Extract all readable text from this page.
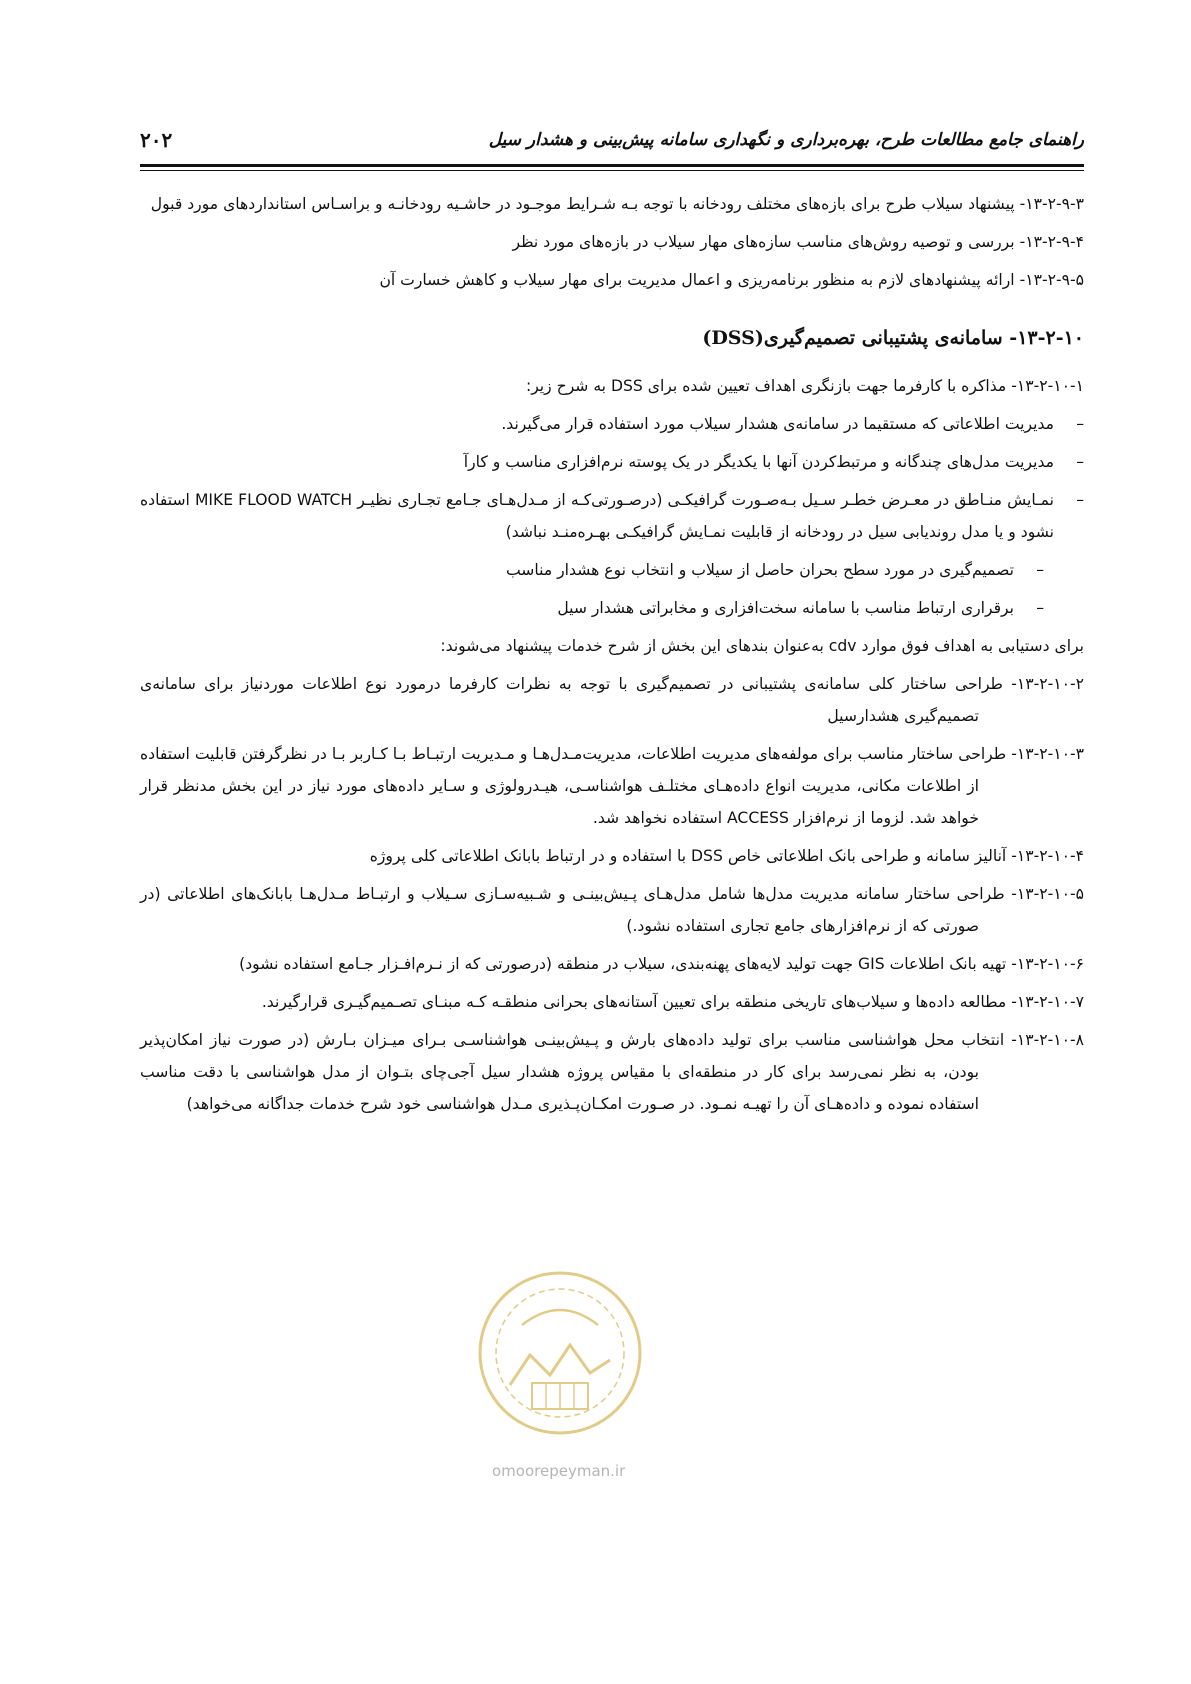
راهنمای جامع مطالعات طرح، بهره‌برداری و نگهداری سامانه پیش‌بینی و هشدار سیل
۲۰۲

۱۳-۲-۹-۳- پیشنهاد سیلاب طرح برای بازه‌های مختلف رودخانه با توجه بـه شـرایط موجـود در حاشـیه رودخانـه و براسـاس استانداردهای مورد قبول

۱۳-۲-۹-۴- بررسی و توصیه روش‌های مناسب سازه‌های مهار سیلاب در بازه‌های مورد نظر

۱۳-۲-۹-۵- ارائه پیشنهادهای لازم به منظور برنامه‌ریزی و اعمال مدیریت برای مهار سیلاب و کاهش خسارت آن

۱۳-۲-۱۰- سامانه‌ی پشتیبانی تصمیم‌گیری(DSS)

۱۳-۲-۱۰-۱- مذاکره با کارفرما جهت بازنگری اهداف تعیین شده برای DSS به شرح زیر:

–
مدیریت اطلاعاتی که مستقیما در سامانه‌ی هشدار سیلاب مورد استفاده قرار می‌گیرند.
–
مدیریت مدل‌های چندگانه و مرتبط‌کردن آنها با یکدیگر در یک پوسته نرم‌افزاری مناسب و کارآ
–
نمـایش منـاطق در معـرض خطـر سـیل بـه‌صـورت گرافیکـی (درصـورتی‌کـه از مـدل‌هـای جـامع تجـاری نظیـر MIKE FLOOD WATCH استفاده نشود و یا مدل روندیابی سیل در رودخانه از قابلیت نمـایش گرافیکـی بهـره‌منـد نباشد)
–
تصمیم‌گیری در مورد سطح بحران حاصل از سیلاب و انتخاب نوع هشدار مناسب
–
برقراری ارتباط مناسب با سامانه سخت‌افزاری و مخابراتی هشدار سیل

برای دستیابی به اهداف فوق موارد cdv به‌عنوان بندهای این بخش از شرح خدمات پیشنهاد می‌شوند:

۱۳-۲-۱۰-۲- طراحی ساختار کلی سامانه‌ی پشتیبانی در تصمیم‌گیری با توجه به نظرات کارفرما درمورد نوع اطلاعات موردنیاز برای سامانه‌ی تصمیم‌گیری هشدارسیل

۱۳-۲-۱۰-۳- طراحی ساختار مناسب برای مولفه‌های مدیریت اطلاعات، مدیریت‌مـدل‌هـا و مـدیریت ارتبـاط بـا کـاربر بـا در نظرگرفتن قابلیت استفاده از اطلاعات مکانی، مدیریت انواع داده‌هـای مختلـف هواشناسـی، هیـدرولوژی و سـایر داده‌های مورد نیاز در این بخش مدنظر قرار خواهد شد. لزوما از نرم‌افزار ACCESS استفاده نخواهد شد.

۱۳-۲-۱۰-۴- آنالیز سامانه و طراحی بانک اطلاعاتی خاص DSS با استفاده و در ارتباط بابانک اطلاعاتی کلی پروژه

۱۳-۲-۱۰-۵- طراحی ساختار سامانه مدیریت مدل‌ها شامل مدل‌هـای پـیش‌بینـی و شـبیه‌سـازی سـیلاب و ارتبـاط مـدل‌هـا بابانک‌های اطلاعاتی (در صورتی که از نرم‌افزارهای جامع تجاری استفاده نشود.)

۱۳-۲-۱۰-۶- تهیه بانک اطلاعات GIS جهت تولید لایه‌های پهنه‌بندی، سیلاب در منطقه (درصورتی که از نـرم‌افـزار جـامع استفاده نشود)

۱۳-۲-۱۰-۷- مطالعه داده‌ها و سیلاب‌های تاریخی منطقه برای تعیین آستانه‌های بحرانی منطقـه کـه مبنـای تصـمیم‌گیـری قرارگیرند.

۱۳-۲-۱۰-۸- انتخاب محل هواشناسی مناسب برای تولید داده‌های بارش و پـیش‌بینـی هواشناسـی بـرای میـزان بـارش (در صورت نیاز امکان‌پذیر بودن، به نظر نمی‌رسد برای کار در منطقه‌ای با مقیاس پروژه هشدار سیل آجی‌چای بتـوان از مدل هواشناسی با دقت مناسب استفاده نموده و داده‌هـای آن را تهیـه نمـود. در صـورت امکـان‌پـذیری مـدل هواشناسی خود شرح خدمات جداگانه می‌خواهد)

omoorepeyman.ir
